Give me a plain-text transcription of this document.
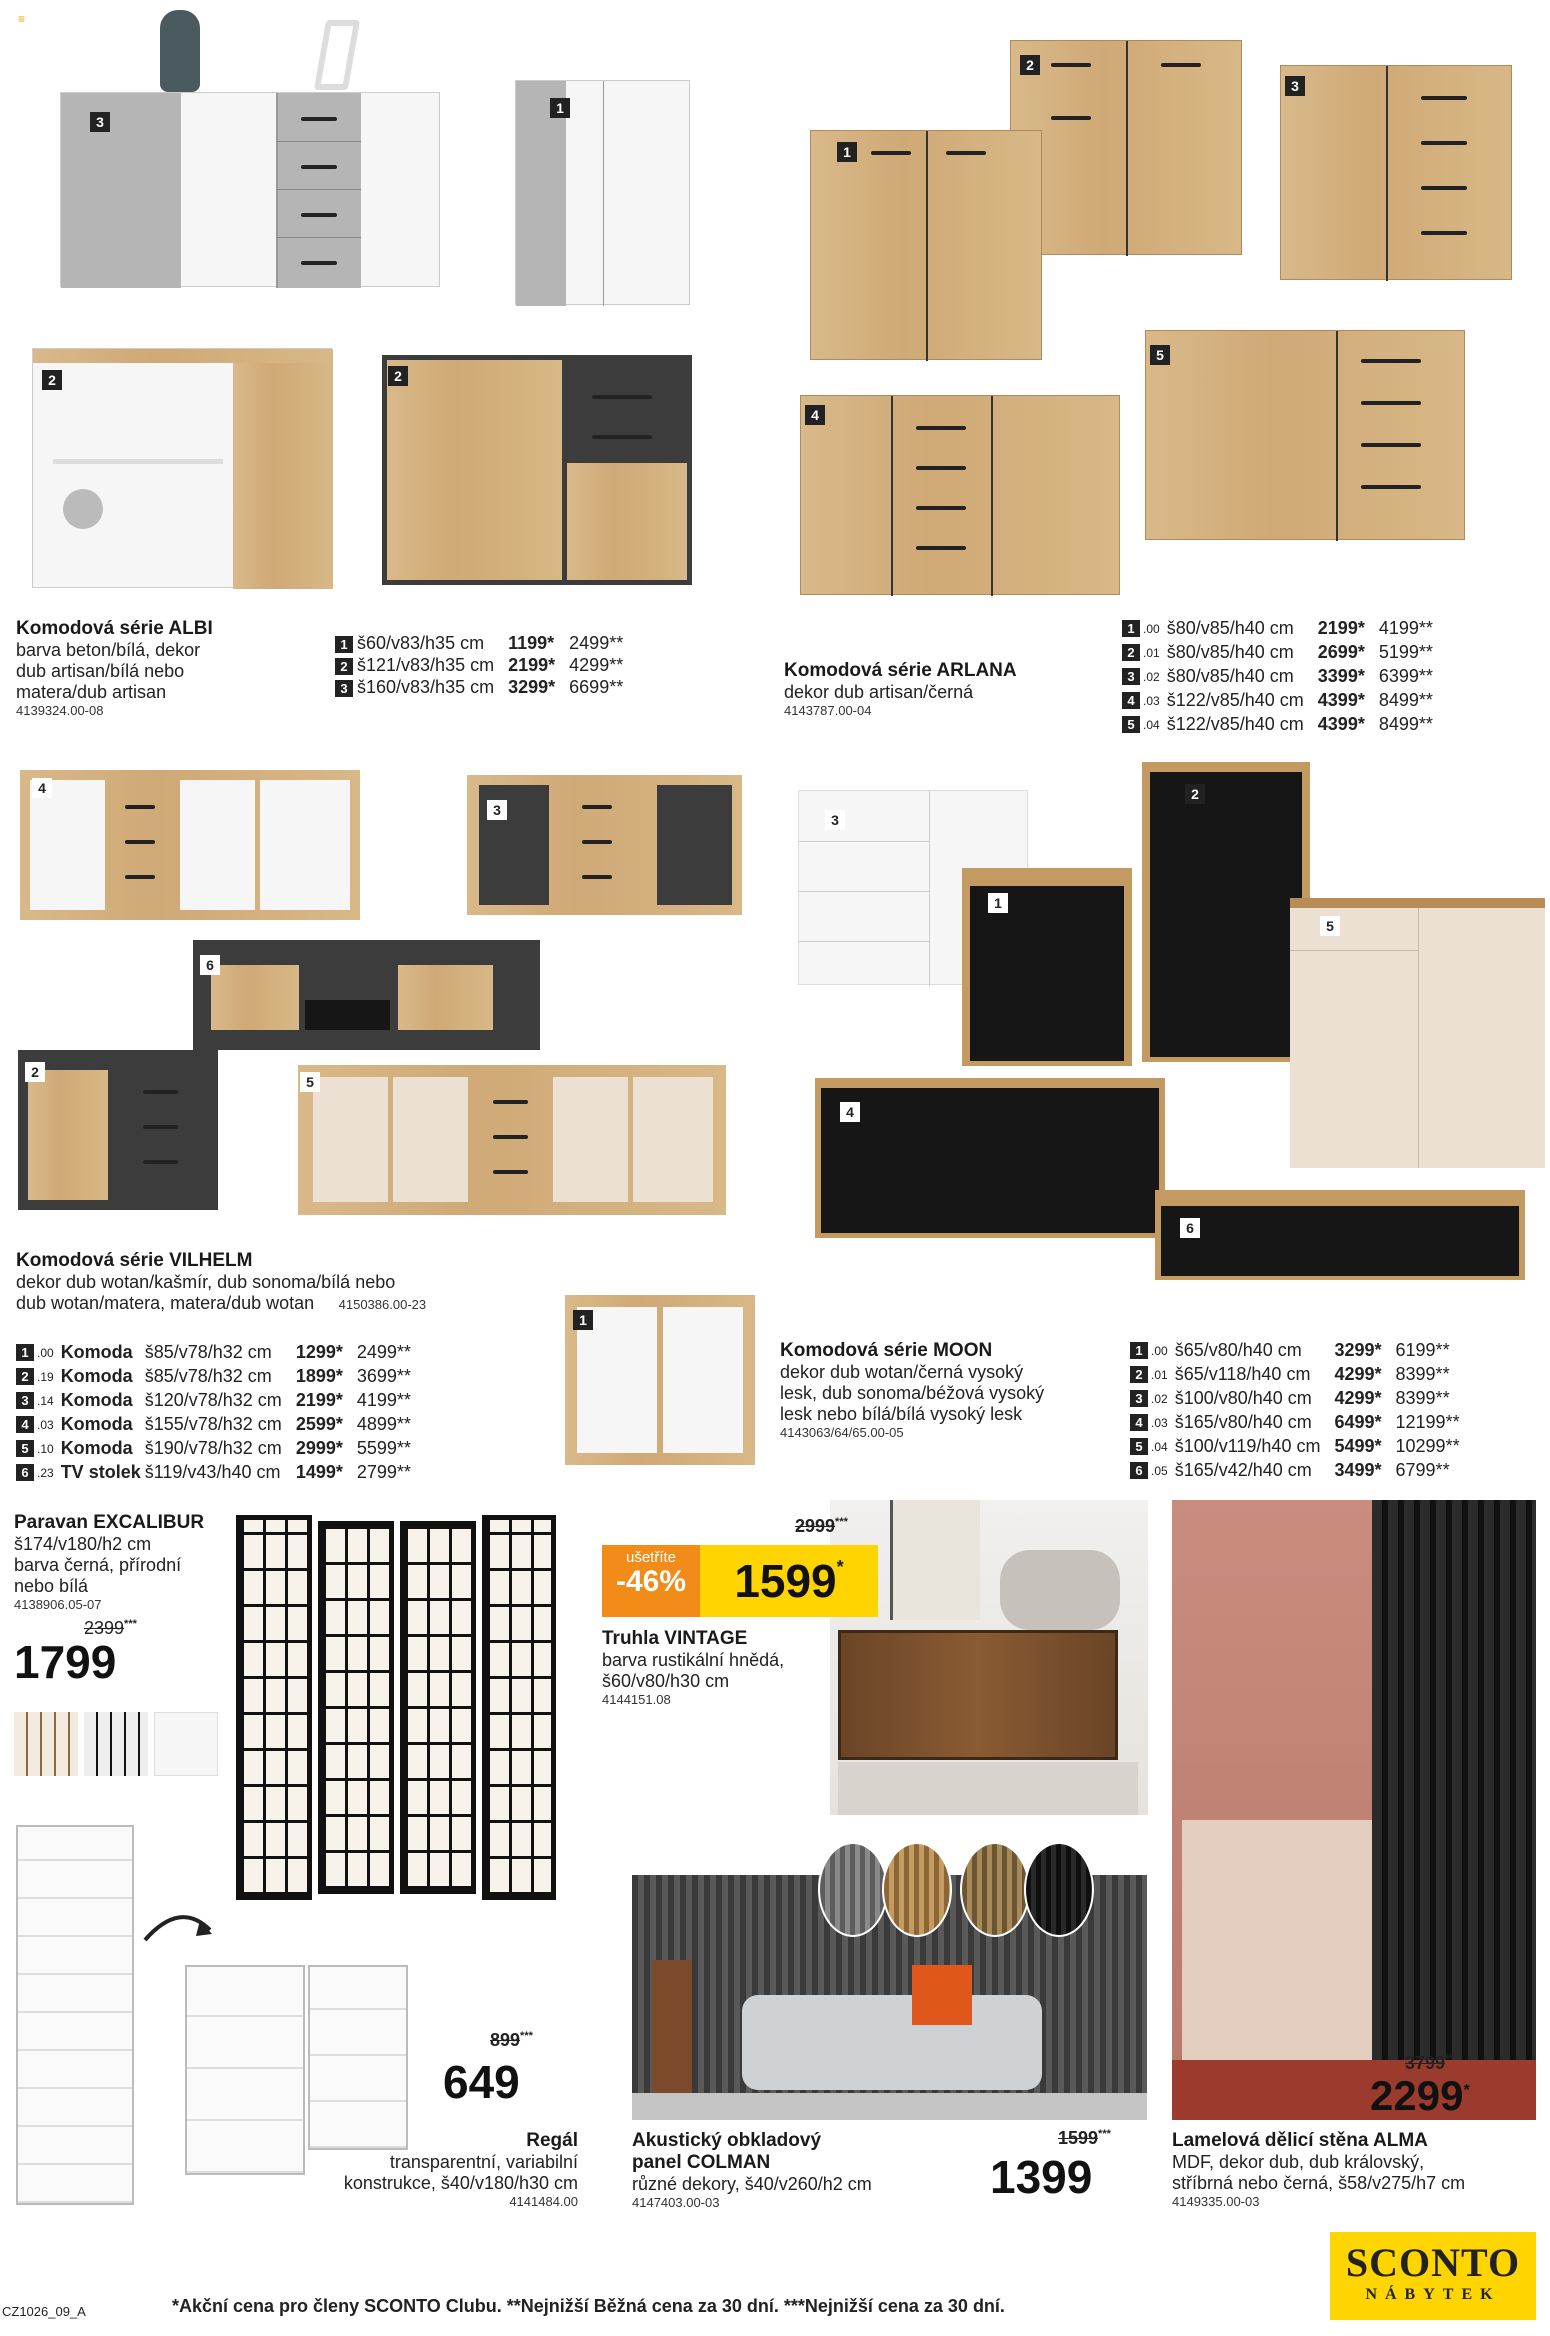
≡
3
1
2	2
2
3
1
5
4
Komodová série ALBI
barva beton/bílá, dekor
dub artisan/bílá nebo
matera/dub artisan
4139324.00-08
1	š60/v83/h35 cm	1199*	2499**
2	š121/v83/h35 cm	2199*	4299**
3	š160/v83/h35 cm	3299*	6699**
Komodová série ARLANA
dekor dub artisan/černá
4143787.00-04
1 .00	š80/v85/h40 cm	2199*	4199**
2 .01	š80/v85/h40 cm	2699*	5199**
3 .02	š80/v85/h40 cm	3399*	6399**
4 .03	š122/v85/h40 cm	4399*	8499**
5 .04	š122/v85/h40 cm	4399*	8499**
4
3
6
2
5
3
1
2
5
4
6
Komodová série VILHELM
dekor dub wotan/kašmír, dub sonoma/bílá nebo
dub wotan/matera, matera/dub wotan 4150386.00-23
1 .00	Komoda	š85/v78/h32 cm	1299*	2499**
2 .19	Komoda	š85/v78/h32 cm	1899*	3699**
3 .14	Komoda	š120/v78/h32 cm	2199*	4199**
4 .03	Komoda	š155/v78/h32 cm	2599*	4899**
5 .10	Komoda	š190/v78/h32 cm	2999*	5599**
6 .23	TV stolek	š119/v43/h40 cm	1499*	2799**
1
Komodová série MOON
dekor dub wotan/černá vysoký
lesk, dub sonoma/béžová vysoký
lesk nebo bílá/bílá vysoký lesk
4143063/64/65.00-05
1 .00	š65/v80/h40 cm	3299*	6199**
2 .01	š65/v118/h40 cm	4299*	8399**
3 .02	š100/v80/h40 cm	4299*	8399**
4 .03	š165/v80/h40 cm	6499*	12199**
5 .04	š100/v119/h40 cm	5499*	10299**
6 .05	š165/v42/h40 cm	3499*	6799**
Paravan EXCALIBUR
š174/v180/h2 cm
barva černá, přírodní
nebo bílá
4138906.05-07
2399***
1799
ušetříte
-46%	1599 *
2999***
Truhla VINTAGE
barva rustikální hnědá,
š60/v80/h30 cm
4144151.08
899***
649
Regál
transparentní, variabilní
konstrukce, š40/v180/h30 cm
4141484.00
Akustický obkladový
panel COLMAN
různé dekory, š40/v260/h2 cm
4147403.00-03
1599***
1399
3799**
2299*
Lamelová dělicí stěna ALMA
MDF, dekor dub, dub královský,
stříbrná nebo černá, š58/v275/h7 cm
4149335.00-03
CZ1026_09_A	*Akční cena pro členy SCONTO Clubu. **Nejnižší Běžná cena za 30 dní. ***Nejnižší cena za 30 dní.
SCONTO
NÁBYTEK
